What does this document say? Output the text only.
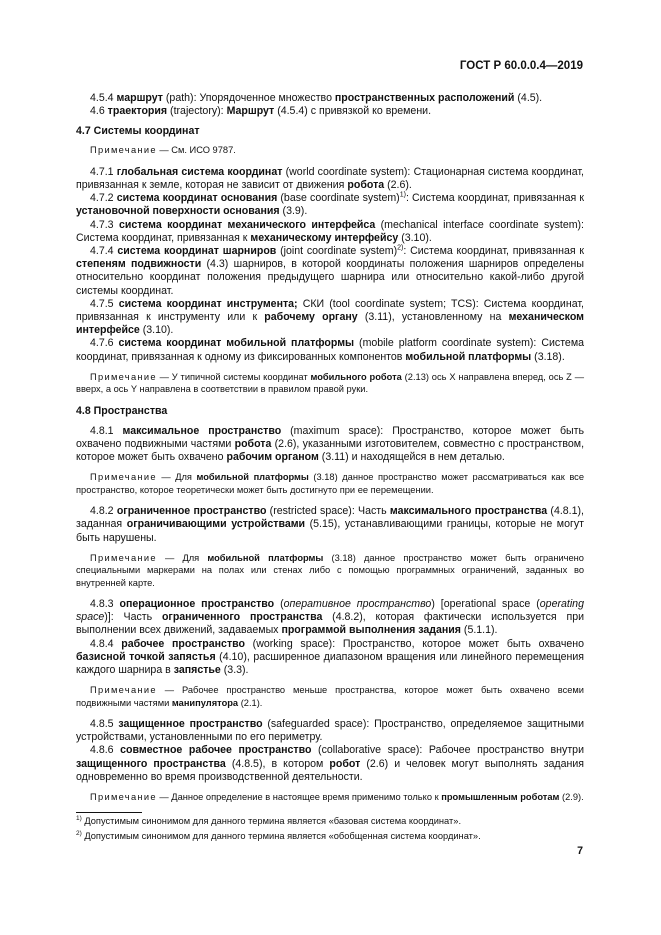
ГОСТ Р 60.0.0.4—2019

4.5.4 маршрут (path): Упорядоченное множество пространственных расположений (4.5).

4.6 траектория (trajectory): Маршрут (4.5.4) с привязкой ко времени.

4.7 Системы координат

Примечание — См. ИСО 9787.

4.7.1 глобальная система координат (world coordinate system): Стационарная система координат, привязанная к земле, которая не зависит от движения робота (2.6).

4.7.2 система координат основания (base coordinate system)$^{1)}$: Система координат, привязанная к установочной поверхности основания (3.9).

4.7.3 система координат механического интерфейса (mechanical interface coordinate system): Система координат, привязанная к механическому интерфейсу (3.10).

4.7.4 система координат шарниров (joint coordinate system)$^{2)}$: Система координат, привязанная к степеням подвижности (4.3) шарниров, в которой координаты положения шарниров определены относительно координат положения предыдущего шарнира или относительно какой-либо другой системы координат.

4.7.5 система координат инструмента; СКИ (tool coordinate system; TCS): Система координат, привязанная к инструменту или к рабочему органу (3.11), установленному на механическом интерфейсе (3.10).

4.7.6 система координат мобильной платформы (mobile platform coordinate system): Система координат, привязанная к одному из фиксированных компонентов мобильной платформы (3.18).

Примечание — У типичной системы координат мобильного робота (2.13) ось X направлена вперед, ось Z — вверх, а ось Y направлена в соответствии в правилом правой руки.

4.8 Пространства

4.8.1 максимальное пространство (maximum space): Пространство, которое может быть охвачено подвижными частями робота (2.6), указанными изготовителем, совместно с пространством, которое может быть охвачено рабочим органом (3.11) и находящейся в нем деталью.

Примечание — Для мобильной платформы (3.18) данное пространство может рассматриваться как все пространство, которое теоретически может быть достигнуто при ее перемещении.

4.8.2 ограниченное пространство (restricted space): Часть максимального пространства (4.8.1), заданная ограничивающими устройствами (5.15), устанавливающими границы, которые не могут быть нарушены.

Примечание — Для мобильной платформы (3.18) данное пространство может быть ограничено специальными маркерами на полах или стенах либо с помощью программных ограничений, заданных во внутренней карте.

4.8.3 операционное пространство (оперативное пространство) [operational space (operating space)]: Часть ограниченного пространства (4.8.2), которая фактически используется при выполнении всех движений, задаваемых программой выполнения задания (5.1.1).

4.8.4 рабочее пространство (working space): Пространство, которое может быть охвачено базисной точкой запястья (4.10), расширенное диапазоном вращения или линейного перемещения каждого шарнира в запястье (3.3).

Примечание — Рабочее пространство меньше пространства, которое может быть охвачено всеми подвижными частями манипулятора (2.1).

4.8.5 защищенное пространство (safeguarded space): Пространство, определяемое защитными устройствами, установленными по его периметру.

4.8.6 совместное рабочее пространство (collaborative space): Рабочее пространство внутри защищенного пространства (4.8.5), в котором робот (2.6) и человек могут выполнять задания одновременно во время производственной деятельности.

Примечание — Данное определение в настоящее время применимо только к промышленным роботам (2.9).

$^{1)}$ Допустимым синонимом для данного термина является «базовая система координат».
$^{2)}$ Допустимым синонимом для данного термина является «обобщенная система координат».
7
